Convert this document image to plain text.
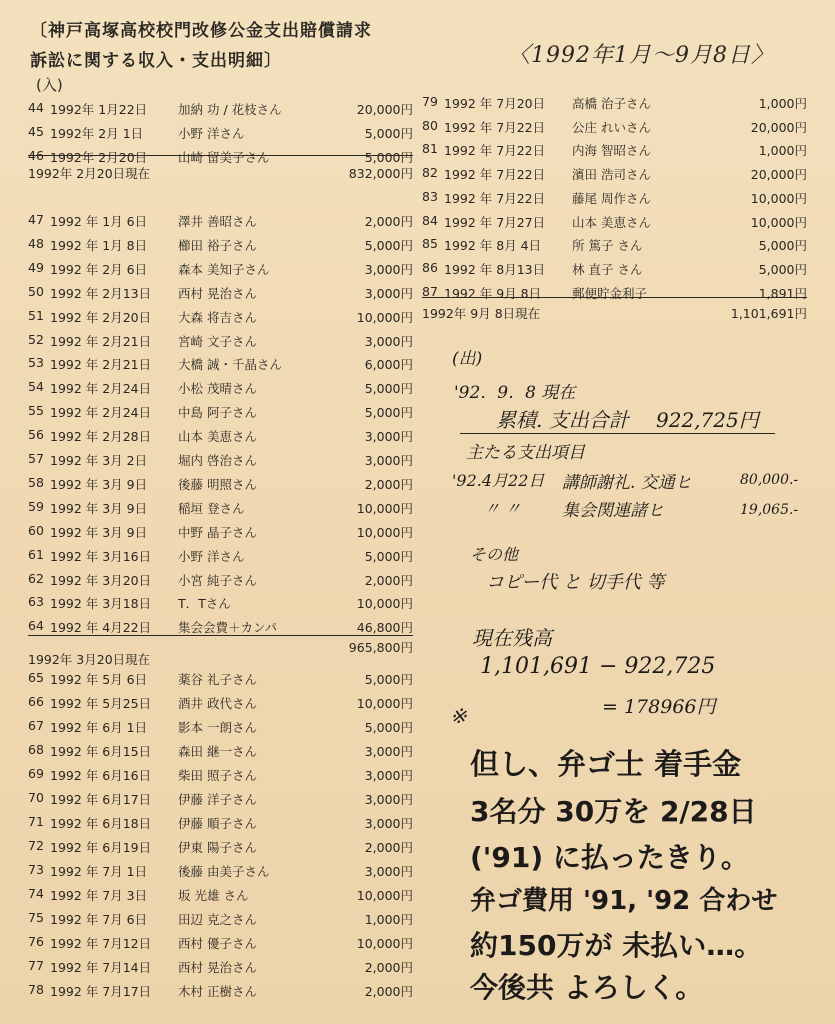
〔神戸高塚高校校門改修公金支出賠償請求
訴訟に関する収入・支出明細〕	〈1992年1月〜9月8日〉
(入)
44 1992年 1月22日 加納 功 / 花枝さん	20,000円
45 1992年 2月 1日	小野 洋さん	5,000円
46 1992年 2月20日 山崎 留美子さん	5,000円
1992年 2月20日現在	832,000円
47 1992 年 1月 6日 澤井 善昭さん	2,000円
48 1992 年 1月 8日 櫛田 裕子さん	5,000円
49 1992 年 2月 6日 森本 美知子さん	3,000円
50 1992 年 2月13日 西村 晃治さん	3,000円
51 1992 年 2月20日 大森 将吉さん	10,000円
52 1992 年 2月21日 宮崎 文子さん	3,000円
53 1992 年 2月21日 大橋 誠・千晶さん	6,000円
54 1992 年 2月24日 小松 茂晴さん	5,000円
55 1992 年 2月24日 中島 阿子さん	5,000円
56 1992 年 2月28日 山本 美恵さん	3,000円
57 1992 年 3月 2日 堀内 啓治さん	3,000円
58 1992 年 3月 9日 後藤 明照さん	2,000円
59 1992 年 3月 9日 稲垣 登さん	10,000円
60 1992 年 3月 9日 中野 晶子さん	10,000円
61 1992 年 3月16日 小野 洋さん	5,000円
62 1992 年 3月20日 小宮 純子さん	2,000円
63 1992 年 3月18日 T．Tさん	10,000円
64 1992 年 4月22日 集会会費＋カンパ	46,800円
965,800円
1992年 3月20日現在
65 1992 年 5月 6日 薬谷 礼子さん	5,000円
66 1992 年 5月25日 酒井 政代さん	10,000円
67 1992 年 6月 1日 影本 一朗さん	5,000円
68 1992 年 6月15日 森田 継一さん	3,000円
69 1992 年 6月16日 柴田 照子さん	3,000円
70 1992 年 6月17日 伊藤 洋子さん	3,000円
71 1992 年 6月18日 伊藤 順子さん	3,000円
72 1992 年 6月19日 伊東 陽子さん	2,000円
73 1992 年 7月 1日 後藤 由美子さん	3,000円
74 1992 年 7月 3日 坂 光雄 さん	10,000円
75 1992 年 7月 6日 田辺 克之さん	1,000円
76 1992 年 7月12日 西村 優子さん	10,000円
77 1992 年 7月14日 西村 晃治さん	2,000円
78 1992 年 7月17日 木村 正樹さん	2,000円
79 1992 年 7月20日 高橋 治子さん	1,000円
80 1992 年 7月22日 公庄 れいさん	20,000円
81 1992 年 7月22日 内海 智昭さん	1,000円
82 1992 年 7月22日 濱田 浩司さん	20,000円
83 1992 年 7月22日 藤尾 周作さん	10,000円
84 1992 年 7月27日 山本 美恵さん	10,000円
85 1992 年 8月 4日 所 篤子 さん	5,000円
86 1992 年 8月13日 林 直子 さん	5,000円
87 1992 年 9月 8日 郵便貯金利子	1,891円
1992年 9月 8日現在	1,101,691円
(出)
'92．9．8 現在
累積. 支出合計 922,725円
主たる支出項目
'92.4月22日 講師謝礼. 交通ヒ	80,000.-
〃 〃 集会関連諸ヒ	19,065.-
その他
コピー代 と 切手代 等
現在残高
1,101,691 − 922,725
= 178966円
※
但し、弁ゴ士 着手金
3名分 30万を 2/28日
('91) に払ったきり。
弁ゴ費用 '91, '92 合わせ
約150万が 未払い…。
今後共 よろしく。
